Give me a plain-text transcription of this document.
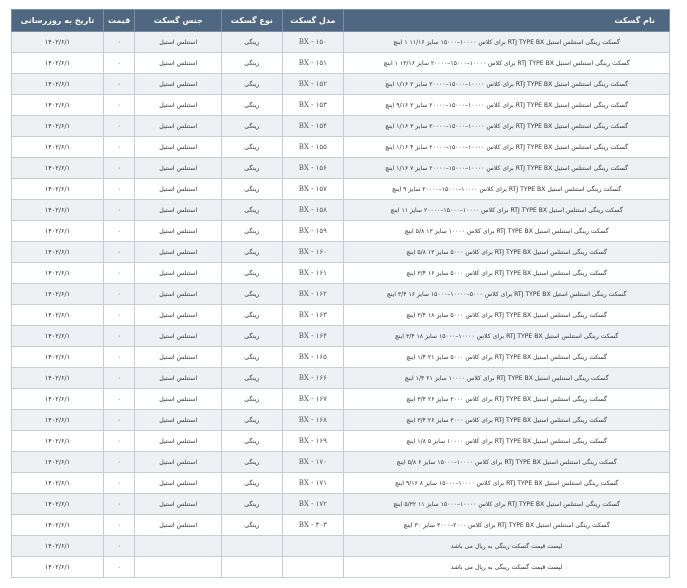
نام گسکت	مدل گسکت	نوع گسکت	جنس گسکت	قیمت	تاریخ به روزرسانی
گسکت رینگی استنلس استیل RTJ TYPE BX برای کلاس ۱۰۰۰۰–۱۵۰۰۰ سایز ۱۱/۱۶ ۱ اینچ	BX - ۱۵۰	رینگی	استنلس استیل	۰	۱۴۰۲/۶/۱
گسکت رینگی استنلس استیل RTJ TYPE BX برای کلاس ۱۰۰۰۰–۱۵۰۰۰–۲۰۰۰۰ سایز ۱۳/۱۶ ۱ اینچ	BX - ۱۵۱	رینگی	استنلس استیل	۰	۱۴۰۲/۶/۱
گسکت رینگی استنلس استیل RTJ TYPE BX برای کلاس ۱۰۰۰۰–۱۵۰۰۰–۲۰۰۰۰ سایز ۲ ۱/۱۶ اینچ	BX - ۱۵۲	رینگی	استنلس استیل	۰	۱۴۰۲/۶/۱
گسکت رینگی استنلس استیل RTJ TYPE BX برای کلاس ۱۰۰۰۰–۱۵۰۰۰–۲۰۰۰۰ سایز ۲ ۹/۱۶ اینچ	BX - ۱۵۳	رینگی	استنلس استیل	۰	۱۴۰۲/۶/۱
گسکت رینگی استنلس استیل RTJ TYPE BX برای کلاس ۱۰۰۰۰–۱۵۰۰۰–۲۰۰۰۰ سایز ۳ ۱/۱۶ اینچ	BX - ۱۵۴	رینگی	استنلس استیل	۰	۱۴۰۲/۶/۱
گسکت رینگی استنلس استیل RTJ TYPE BX برای کلاس ۱۰۰۰۰–۱۵۰۰۰–۲۰۰۰۰ سایز ۴ ۱/۱۶ اینچ	BX - ۱۵۵	رینگی	استنلس استیل	۰	۱۴۰۲/۶/۱
گسکت رینگی استنلس استیل RTJ TYPE BX برای کلاس ۱۰۰۰۰–۱۵۰۰۰–۲۰۰۰۰ سایز ۷ ۱/۱۶ اینچ	BX - ۱۵۶	رینگی	استنلس استیل	۰	۱۴۰۲/۶/۱
گسکت رینگی استنلس استیل RTJ TYPE BX برای کلاس ۱۰۰۰۰–۱۵۰۰۰–۲۰۰۰۰ سایز ۹ اینچ	BX - ۱۵۷	رینگی	استنلس استیل	۰	۱۴۰۲/۶/۱
گسکت رینگی استنلس استیل RTJ TYPE BX برای کلاس ۱۰۰۰۰–۱۵۰۰۰–۲۰۰۰۰ سایز ۱۱ اینچ	BX - ۱۵۸	رینگی	استنلس استیل	۰	۱۴۰۲/۶/۱
گسکت رینگی استنلس استیل RTJ TYPE BX برای کلاس ۱۰۰۰۰ سایز ۱۳ ۵/۸ اینچ	BX - ۱۵۹	رینگی	استنلس استیل	۰	۱۴۰۲/۶/۱
گسکت رینگی استنلس استیل RTJ TYPE BX برای کلاس ۵۰۰۰ سایز ۱۳ ۵/۸ اینچ	BX - ۱۶۰	رینگی	استنلس استیل	۰	۱۴۰۲/۶/۱
گسکت رینگی استنلس استیل RTJ TYPE BX برای کلاس ۵۰۰۰ سایز ۱۶ ۳/۴ اینچ	BX - ۱۶۱	رینگی	استنلس استیل	۰	۱۴۰۲/۶/۱
گسکت رینگی استنلس استیل RTJ TYPE BX برای کلاس ۵۰۰۰–۱۰۰۰۰–۱۵۰۰۰ سایز ۱۶ ۳/۴ اینچ	BX - ۱۶۲	رینگی	استنلس استیل	۰	۱۴۰۲/۶/۱
گسکت رینگی استنلس استیل RTJ TYPE BX برای کلاس ۵۰۰۰ سایز ۱۸ ۳/۴ اینچ	BX - ۱۶۳	رینگی	استنلس استیل	۰	۱۴۰۲/۶/۱
گسکت رینگی استنلس استیل RTJ TYPE BX برای کلاس ۱۰۰۰۰–۱۵۰۰۰ سایز ۱۸ ۳/۴ اینچ	BX - ۱۶۴	رینگی	استنلس استیل	۰	۱۴۰۲/۶/۱
گسکت رینگی استنلس استیل RTJ TYPE BX برای کلاس ۵۰۰۰ سایز ۲۱ ۱/۴ اینچ	BX - ۱۶۵	رینگی	استنلس استیل	۰	۱۴۰۲/۶/۱
گسکت رینگی استنلس استیل RTJ TYPE BX برای کلاس ۱۰۰۰۰ سایز ۲۱ ۱/۴ اینچ	BX - ۱۶۶	رینگی	استنلس استیل	۰	۱۴۰۲/۶/۱
گسکت رینگی استنلس استیل RTJ TYPE BX برای کلاس ۲۰۰۰ سایز ۲۶ ۳/۴ اینچ	BX - ۱۶۷	رینگی	استنلس استیل	۰	۱۴۰۲/۶/۱
گسکت رینگی استنلس استیل RTJ TYPE BX برای کلاس ۳۰۰۰ سایز ۲۶ ۳/۴ اینچ	BX - ۱۶۸	رینگی	استنلس استیل	۰	۱۴۰۲/۶/۱
گسکت رینگی استنلس استیل RTJ TYPE BX برای کلاس ۱۰۰۰۰ سایز ۵ ۱/۸ اینچ	BX - ۱۶۹	رینگی	استنلس استیل	۰	۱۴۰۲/۶/۱
گسکت رینگی استنلس استیل RTJ TYPE BX برای کلاس ۱۰۰۰۰–۱۵۰۰۰ سایز ۶ ۵/۸ اینچ	BX - ۱۷۰	رینگی	استنلس استیل	۰	۱۴۰۲/۶/۱
گسکت رینگی استنلس استیل RTJ TYPE BX برای کلاس ۱۰۰۰۰–۱۵۰۰۰ سایز ۸ ۹/۱۶ اینچ	BX - ۱۷۱	رینگی	استنلس استیل	۰	۱۴۰۲/۶/۱
گسکت رینگی استنلس استیل RTJ TYPE BX برای کلاس ۱۰۰۰۰–۱۵۰۰۰ سایز ۱۱ ۵/۳۲ اینچ	BX - ۱۷۲	رینگی	استنلس استیل	۰	۱۴۰۲/۶/۱
گسکت رینگی استنلس استیل RTJ TYPE BX برای کلاس ۲۰۰۰–۳۰۰۰ سایز ۳۰ اینچ	BX - ۳۰۳	رینگی	استنلس استیل	۰	۱۴۰۲/۶/۱
لیست قیمت گسکت رینگی به ریال می باشد				۰	۱۴۰۲/۶/۱
لیست قیمت گسکت رینگی به ریال می باشد				۰	۱۴۰۲/۶/۱
